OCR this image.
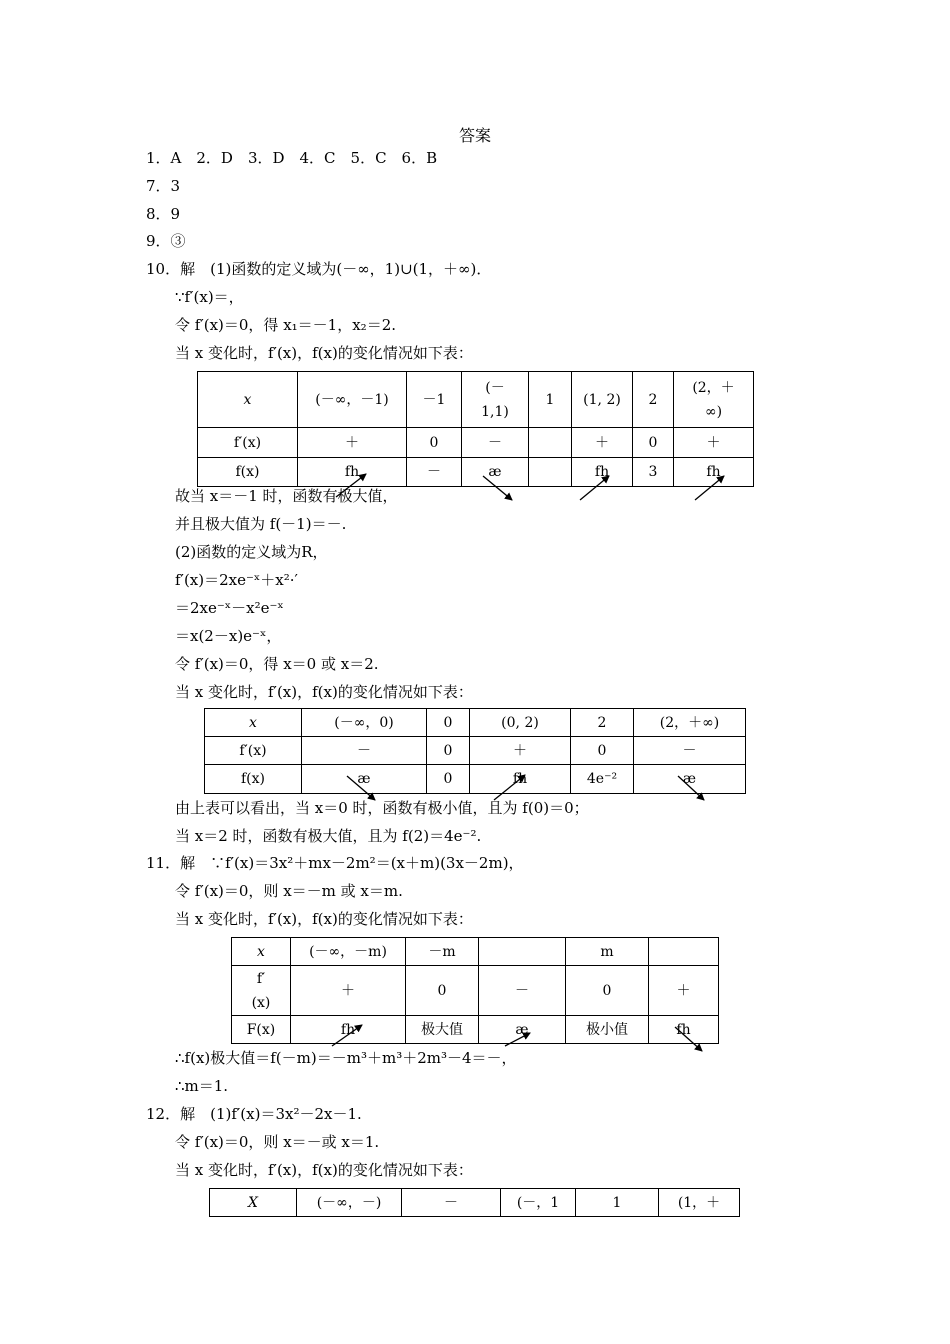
答案
1．A　2．D　3．D　4．C　5．C　6．B
7．3
8．9
9．③
10．解　(1)函数的定义域为(－∞，1)∪(1，＋∞)．
∵f′(x)＝，
令 f′(x)＝0，得 x₁＝－1，x₂＝2.
当 x 变化时，f′(x)，f(x)的变化情况如下表：
x	(－∞，－1)	－1	(－
1,1)	1	(1, 2)	2	(2，＋
∞)
f′(x)	＋	0	－		＋	0	＋
f(x)	fh	－	æ		fh	3	fh
故当 x＝－1 时，函数有极大值，
并且极大值为 f(－1)＝－.
(2)函数的定义域为R，
f′(x)＝2xe⁻ˣ＋x²·′
＝2xe⁻ˣ－x²e⁻ˣ
＝x(2－x)e⁻ˣ，
令 f′(x)＝0，得 x＝0 或 x＝2.
当 x 变化时，f′(x)，f(x)的变化情况如下表：
x	(－∞，0)	0	(0, 2)	2	(2，＋∞)
f′(x)	－	0	＋	0	－
f(x)	æ	0	fh	4e⁻²	æ
由上表可以看出，当 x＝0 时，函数有极小值，且为 f(0)＝0；
当 x＝2 时，函数有极大值，且为 f(2)＝4e⁻².
11．解　∵f′(x)＝3x²＋mx－2m²＝(x＋m)(3x－2m)，
令 f′(x)＝0，则 x＝－m 或 x＝m.
当 x 变化时，f′(x)，f(x)的变化情况如下表：
x	(－∞，－m)	－m		m	
f′
(x)	＋	0	－	0	＋
F(x)	fh	极大值	æ	极小值	fh
∴f(x)极大值＝f(－m)＝－m³＋m³＋2m³－4＝－，
∴m＝1.
12．解　(1)f′(x)＝3x²－2x－1.
令 f′(x)＝0，则 x＝－或 x＝1.
当 x 变化时，f′(x)，f(x)的变化情况如下表：
X	(－∞，－)	－	(－，1	1	(1，＋
